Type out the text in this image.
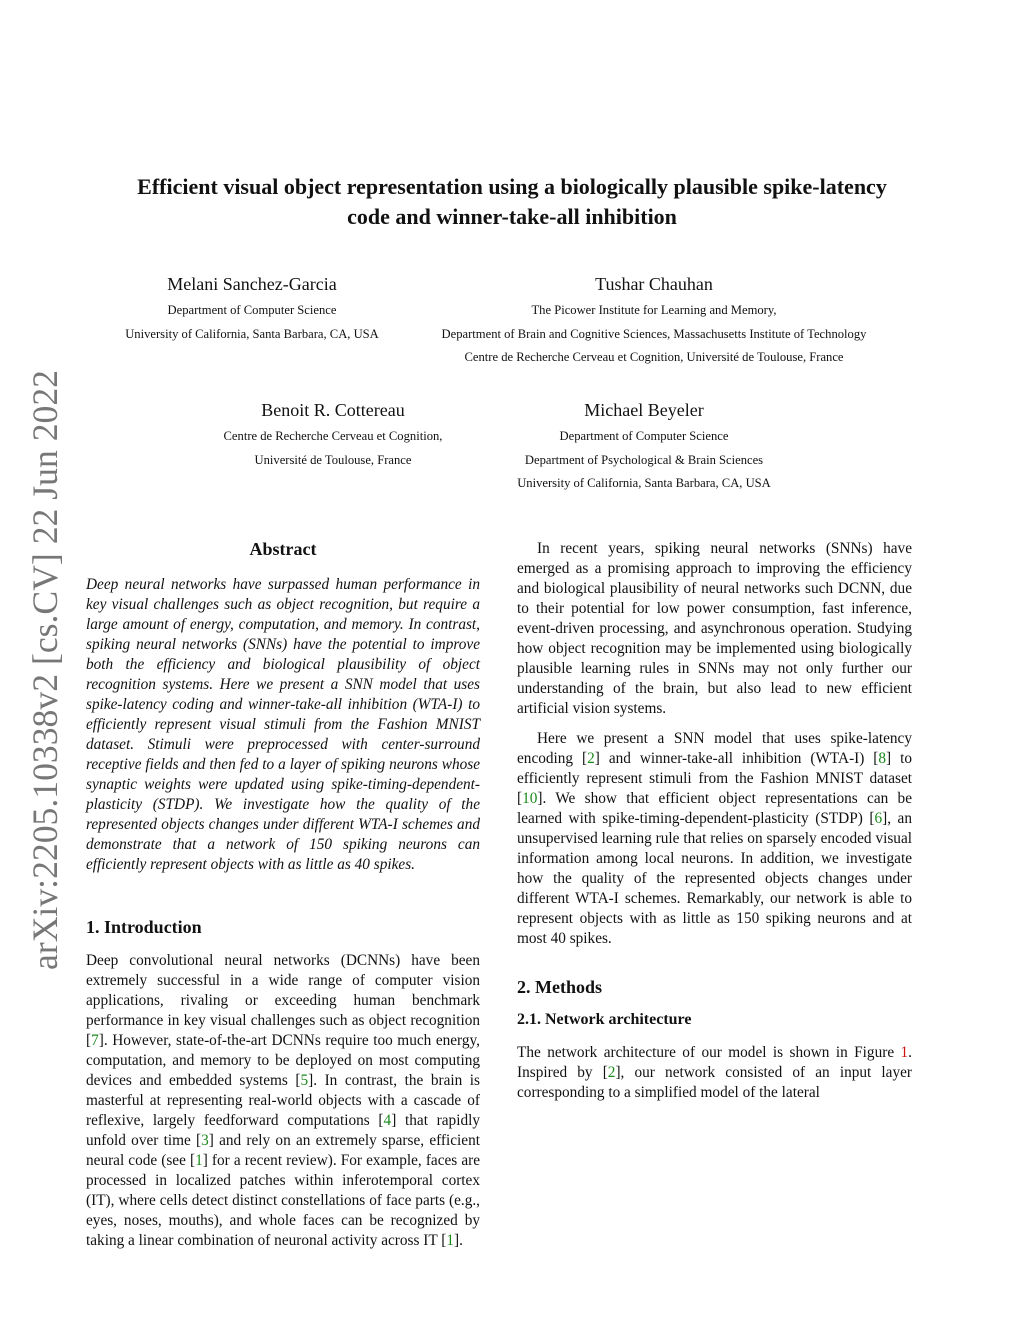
arXiv:2205.10338v2 [cs.CV] 22 Jun 2022
Efficient visual object representation using a biologically plausible spike-latency
code and winner-take-all inhibition
Melani Sanchez-Garcia
Department of Computer Science
University of California, Santa Barbara, CA, USA
Tushar Chauhan
The Picower Institute for Learning and Memory,
Department of Brain and Cognitive Sciences, Massachusetts Institute of Technology
Centre de Recherche Cerveau et Cognition, Université de Toulouse, France
Benoit R. Cottereau
Centre de Recherche Cerveau et Cognition,
Université de Toulouse, France
Michael Beyeler
Department of Computer Science
Department of Psychological & Brain Sciences
University of California, Santa Barbara, CA, USA
Abstract

Deep neural networks have surpassed human performance in key visual challenges such as object recognition, but require a large amount of energy, computation, and memory. In contrast, spiking neural networks (SNNs) have the potential to improve both the efficiency and biological plausibility of object recognition systems. Here we present a SNN model that uses spike-latency coding and winner-take-all inhibition (WTA-I) to efficiently represent visual stimuli from the Fashion MNIST dataset. Stimuli were preprocessed with center-surround receptive fields and then fed to a layer of spiking neurons whose synaptic weights were updated using spike-timing-dependent-plasticity (STDP). We investigate how the quality of the represented objects changes under different WTA-I schemes and demonstrate that a network of 150 spiking neurons can efficiently represent objects with as little as 40 spikes.

1. Introduction

Deep convolutional neural networks (DCNNs) have been extremely successful in a wide range of computer vision applications, rivaling or exceeding human benchmark performance in key visual challenges such as object recognition [7]. However, state-of-the-art DCNNs require too much energy, computation, and memory to be deployed on most computing devices and embedded systems [5]. In contrast, the brain is masterful at representing real-world objects with a cascade of reflexive, largely feedforward computations [4] that rapidly unfold over time [3] and rely on an extremely sparse, efficient neural code (see [1] for a recent review). For example, faces are processed in localized patches within inferotemporal cortex (IT), where cells detect distinct constellations of face parts (e.g., eyes, noses, mouths), and whole faces can be recognized by taking a linear combination of neuronal activity across IT [1].

In recent years, spiking neural networks (SNNs) have emerged as a promising approach to improving the efficiency and biological plausibility of neural networks such DCNN, due to their potential for low power consumption, fast inference, event-driven processing, and asynchronous operation. Studying how object recognition may be implemented using biologically plausible learning rules in SNNs may not only further our understanding of the brain, but also lead to new efficient artificial vision systems.

Here we present a SNN model that uses spike-latency encoding [2] and winner-take-all inhibition (WTA-I) [8] to efficiently represent stimuli from the Fashion MNIST dataset [10]. We show that efficient object representations can be learned with spike-timing-dependent-plasticity (STDP) [6], an unsupervised learning rule that relies on sparsely encoded visual information among local neurons. In addition, we investigate how the quality of the represented objects changes under different WTA-I schemes. Remarkably, our network is able to represent objects with as little as 150 spiking neurons and at most 40 spikes.

2. Methods
2.1. Network architecture

The network architecture of our model is shown in Figure 1. Inspired by [2], our network consisted of an input layer corresponding to a simplified model of the lateral
